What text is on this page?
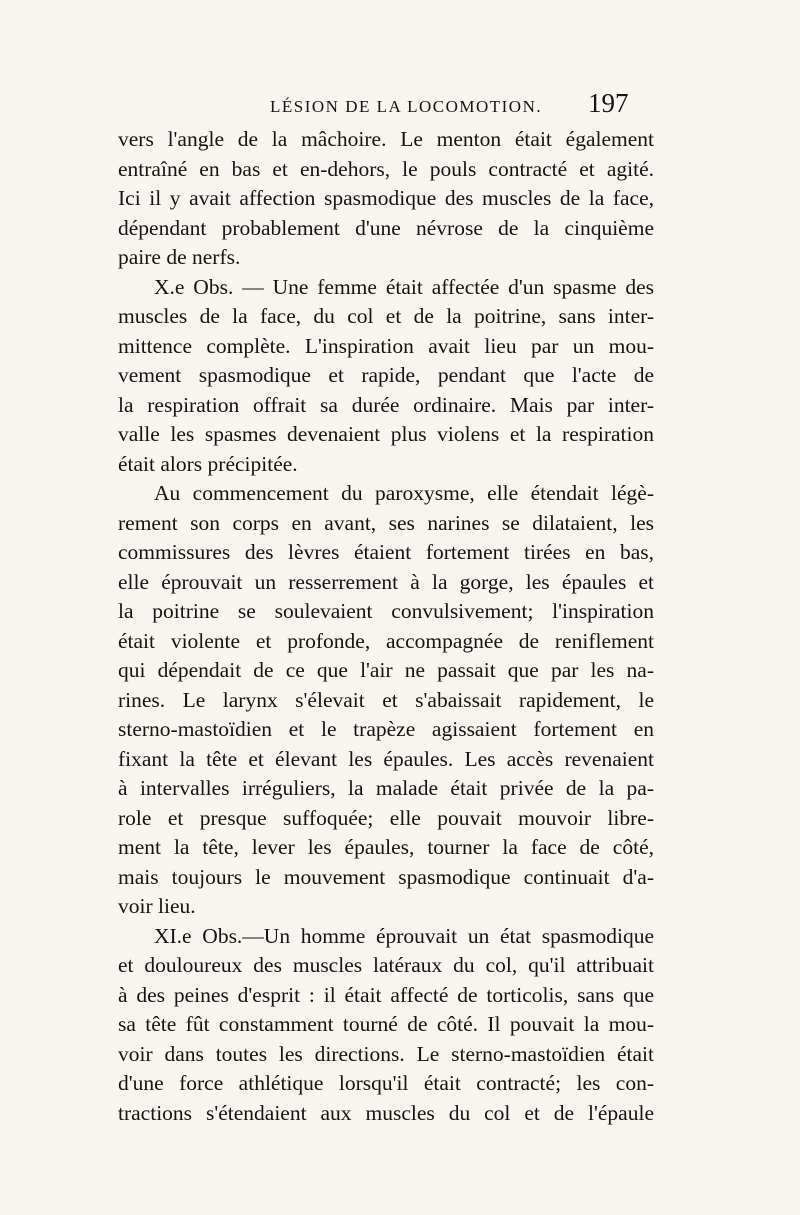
LÉSION DE LA LOCOMOTION. 197
vers l'angle de la mâchoire. Le menton était également
entraîné en bas et en-dehors, le pouls contracté et agité.
Ici il y avait affection spasmodique des muscles de la face,
dépendant probablement d'une névrose de la cinquième
paire de nerfs.
X.e Obs. — Une femme était affectée d'un spasme des
muscles de la face, du col et de la poitrine, sans inter-
mittence complète. L'inspiration avait lieu par un mou-
vement spasmodique et rapide, pendant que l'acte de
la respiration offrait sa durée ordinaire. Mais par inter-
valle les spasmes devenaient plus violens et la respiration
était alors précipitée.
Au commencement du paroxysme, elle étendait légè-
rement son corps en avant, ses narines se dilataient, les
commissures des lèvres étaient fortement tirées en bas,
elle éprouvait un resserrement à la gorge, les épaules et
la poitrine se soulevaient convulsivement; l'inspiration
était violente et profonde, accompagnée de reniflement
qui dépendait de ce que l'air ne passait que par les na-
rines. Le larynx s'élevait et s'abaissait rapidement, le
sterno-mastoïdien et le trapèze agissaient fortement en
fixant la tête et élevant les épaules. Les accès revenaient
à intervalles irréguliers, la malade était privée de la pa-
role et presque suffoquée; elle pouvait mouvoir libre-
ment la tête, lever les épaules, tourner la face de côté,
mais toujours le mouvement spasmodique continuait d'a-
voir lieu.
XI.e Obs.—Un homme éprouvait un état spasmodique
et douloureux des muscles latéraux du col, qu'il attribuait
à des peines d'esprit : il était affecté de torticolis, sans que
sa tête fût constamment tourné de côté. Il pouvait la mou-
voir dans toutes les directions. Le sterno-mastoïdien était
d'une force athlétique lorsqu'il était contracté; les con-
tractions s'étendaient aux muscles du col et de l'épaule
